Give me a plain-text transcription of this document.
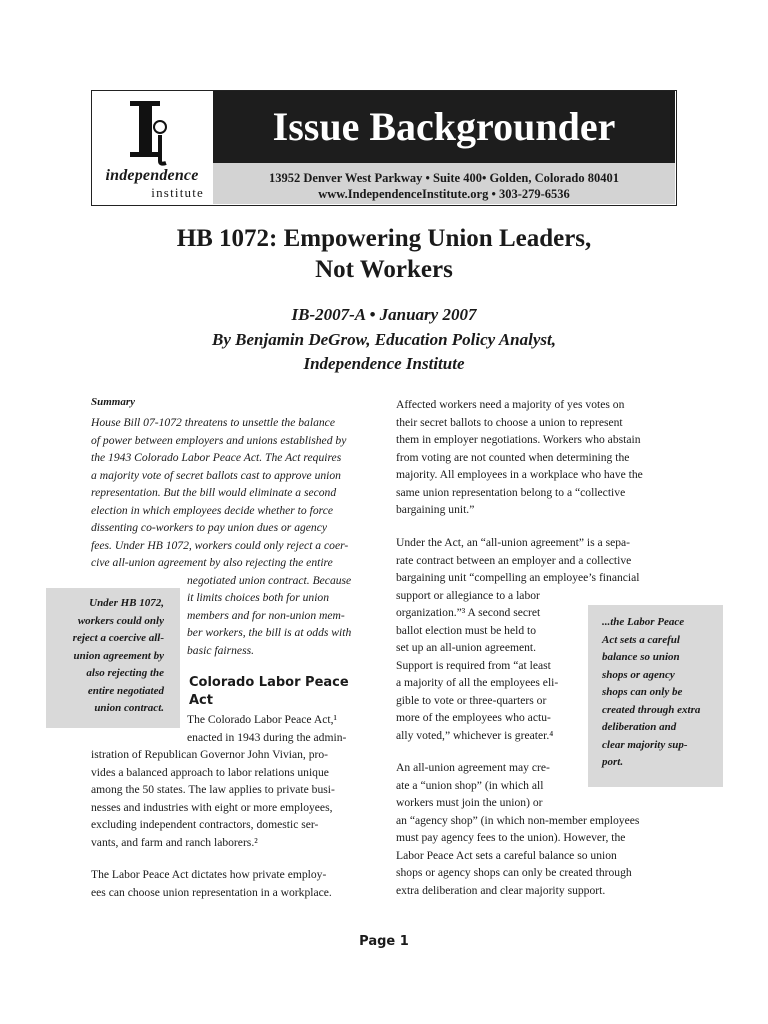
independence
institute
Issue Backgrounder
13952 Denver West Parkway • Suite 400• Golden, Colorado 80401
www.IndependenceInstitute.org • 303-279-6536
HB 1072: Empowering Union Leaders,
Not Workers
IB-2007-A • January 2007
By Benjamin DeGrow, Education Policy Analyst,
Independence Institute
Summary
House Bill 07-1072 threatens to unsettle the balance
of power between employers and unions established by
the 1943 Colorado Labor Peace Act. The Act requires
a majority vote of secret ballots cast to approve union
representation. But the bill would eliminate a second
election in which employees decide whether to force
dissenting co-workers to pay union dues or agency
fees. Under HB 1072, workers could only reject a coer-
cive all-union agreement by also rejecting the entire
negotiated union contract. Because
it limits choices both for union
members and for non-union mem-
ber workers, the bill is at odds with
basic fairness.
Under HB 1072,
workers could only
reject a coercive all-
union agreement by
also rejecting the
entire negotiated
union contract.
Colorado Labor Peace Act
The Colorado Labor Peace Act,¹
enacted in 1943 during the admin-
istration of Republican Governor John Vivian, pro-
vides a balanced approach to labor relations unique
among the 50 states. The law applies to private busi-
nesses and industries with eight or more employees,
excluding independent contractors, domestic ser-
vants, and farm and ranch laborers.²
The Labor Peace Act dictates how private employ-
ees can choose union representation in a workplace.
Affected workers need a majority of yes votes on
their secret ballots to choose a union to represent
them in employer negotiations. Workers who abstain
from voting are not counted when determining the
majority. All employees in a workplace who have the
same union representation belong to a “collective
bargaining unit.”
Under the Act, an “all-union agreement” is a sepa-
rate contract between an employer and a collective
bargaining unit “compelling an employee’s financial
support or allegiance to a labor
organization.”³ A second secret
ballot election must be held to
set up an all-union agreement.
Support is required from “at least
a majority of all the employees eli-
gible to vote or three-quarters or
more of the employees who actu-
ally voted,” whichever is greater.⁴
An all-union agreement may cre-
ate a “union shop” (in which all
workers must join the union) or
an “agency shop” (in which non-member employees
must pay agency fees to the union). However, the
Labor Peace Act sets a careful balance so union
shops or agency shops can only be created through
extra deliberation and clear majority support.
...the Labor Peace
Act sets a careful
balance so union
shops or agency
shops can only be
created through extra
deliberation and
clear majority sup-
port.
Page 1
